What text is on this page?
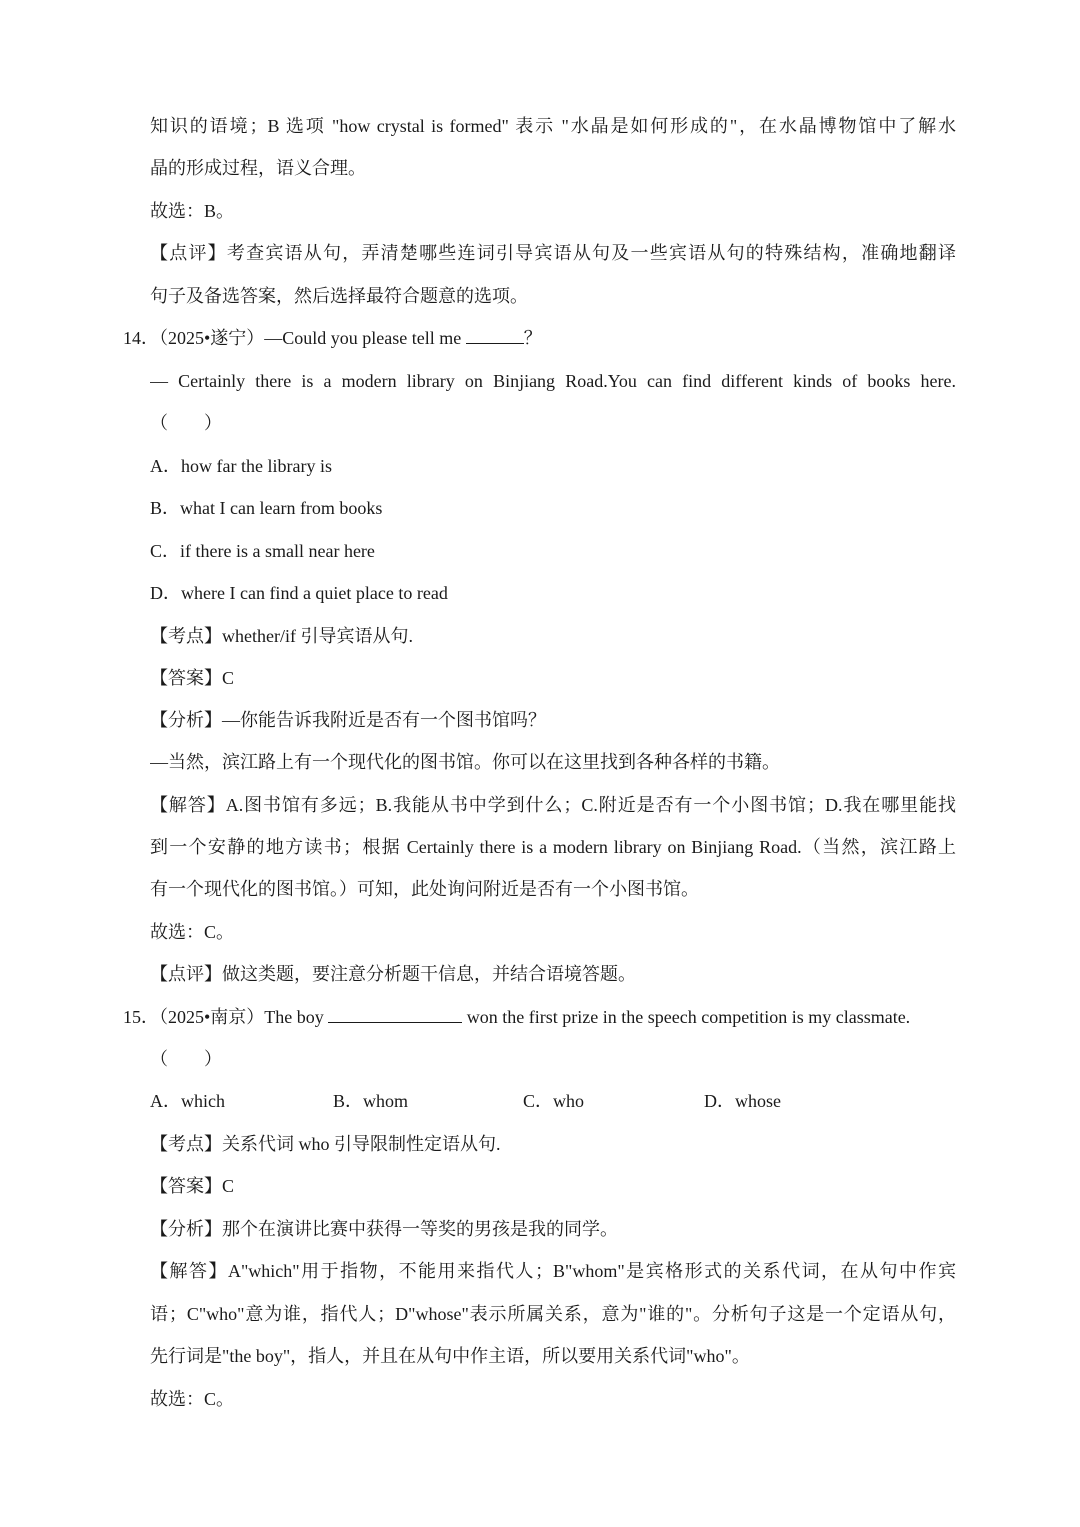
知识的语境；B 选项 "how crystal is formed" 表示 "水晶是如何形成的"，在水晶博物馆中了解水
晶的形成过程，语义合理。
故选：B。
【点评】考查宾语从句，弄清楚哪些连词引导宾语从句及一些宾语从句的特殊结构，准确地翻译
句子及备选答案，然后选择最符合题意的选项。
14．（2025•遂宁）—Could you please tell me	？
— Certainly there is a modern library on Binjiang Road.You can find different kinds of books here.
（　　）
A．how far the library is
B．what I can learn from books
C．if there is a small near here
D．where I can find a quiet place to read
【考点】whether/if 引导宾语从句.
【答案】C
【分析】—你能告诉我附近是否有一个图书馆吗？
—当然，滨江路上有一个现代化的图书馆。你可以在这里找到各种各样的书籍。
【解答】A.图书馆有多远；B.我能从书中学到什么；C.附近是否有一个小图书馆；D.我在哪里能找
到一个安静的地方读书；根据 Certainly there is a modern library on Binjiang Road.（当然，滨江路上
有一个现代化的图书馆。）可知，此处询问附近是否有一个小图书馆。
故选：C。
【点评】做这类题，要注意分析题干信息，并结合语境答题。
15．（2025•南京）The boy	won the first prize in the speech competition is my classmate.
（　　）
A．which	B．whom	C．who	D．whose
【考点】关系代词 who 引导限制性定语从句.
【答案】C
【分析】那个在演讲比赛中获得一等奖的男孩是我的同学。
【解答】A"which"用于指物，不能用来指代人；B"whom"是宾格形式的关系代词，在从句中作宾
语；C"who"意为谁，指代人；D"whose"表示所属关系，意为"谁的"。分析句子这是一个定语从句，
先行词是"the boy"，指人，并且在从句中作主语，所以要用关系代词"who"。
故选：C。
